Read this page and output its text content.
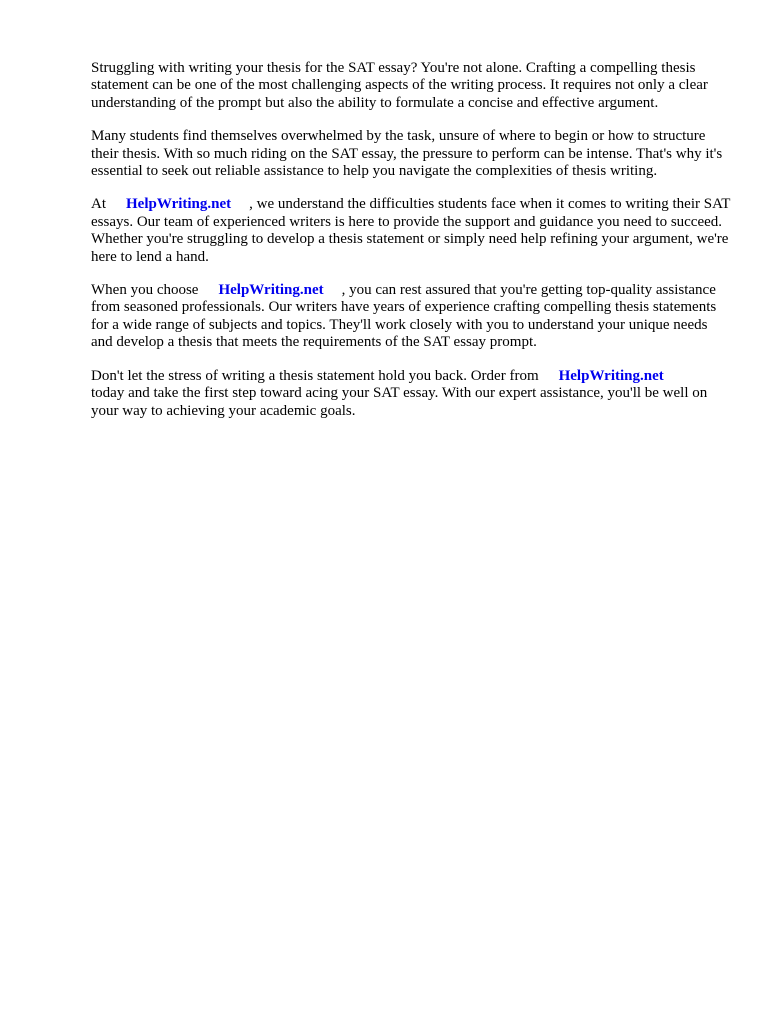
Struggling with writing your thesis for the SAT essay? You're not alone. Crafting a compelling thesis statement can be one of the most challenging aspects of the writing process. It requires not only a clear understanding of the prompt but also the ability to formulate a concise and effective argument.

Many students find themselves overwhelmed by the task, unsure of where to begin or how to structure their thesis. With so much riding on the SAT essay, the pressure to perform can be intense. That's why it's essential to seek out reliable assistance to help you navigate the complexities of thesis writing.

At HelpWriting.net , we understand the difficulties students face when it comes to writing their SAT essays. Our team of experienced writers is here to provide the support and guidance you need to succeed. Whether you're struggling to develop a thesis statement or simply need help refining your argument, we're here to lend a hand.

When you choose HelpWriting.net , you can rest assured that you're getting top-quality assistance from seasoned professionals. Our writers have years of experience crafting compelling thesis statements for a wide range of subjects and topics. They'll work closely with you to understand your unique needs and develop a thesis that meets the requirements of the SAT essay prompt.

Don't let the stress of writing a thesis statement hold you back. Order from HelpWriting.net
today and take the first step toward acing your SAT essay. With our expert assistance, you'll be well on your way to achieving your academic goals.
